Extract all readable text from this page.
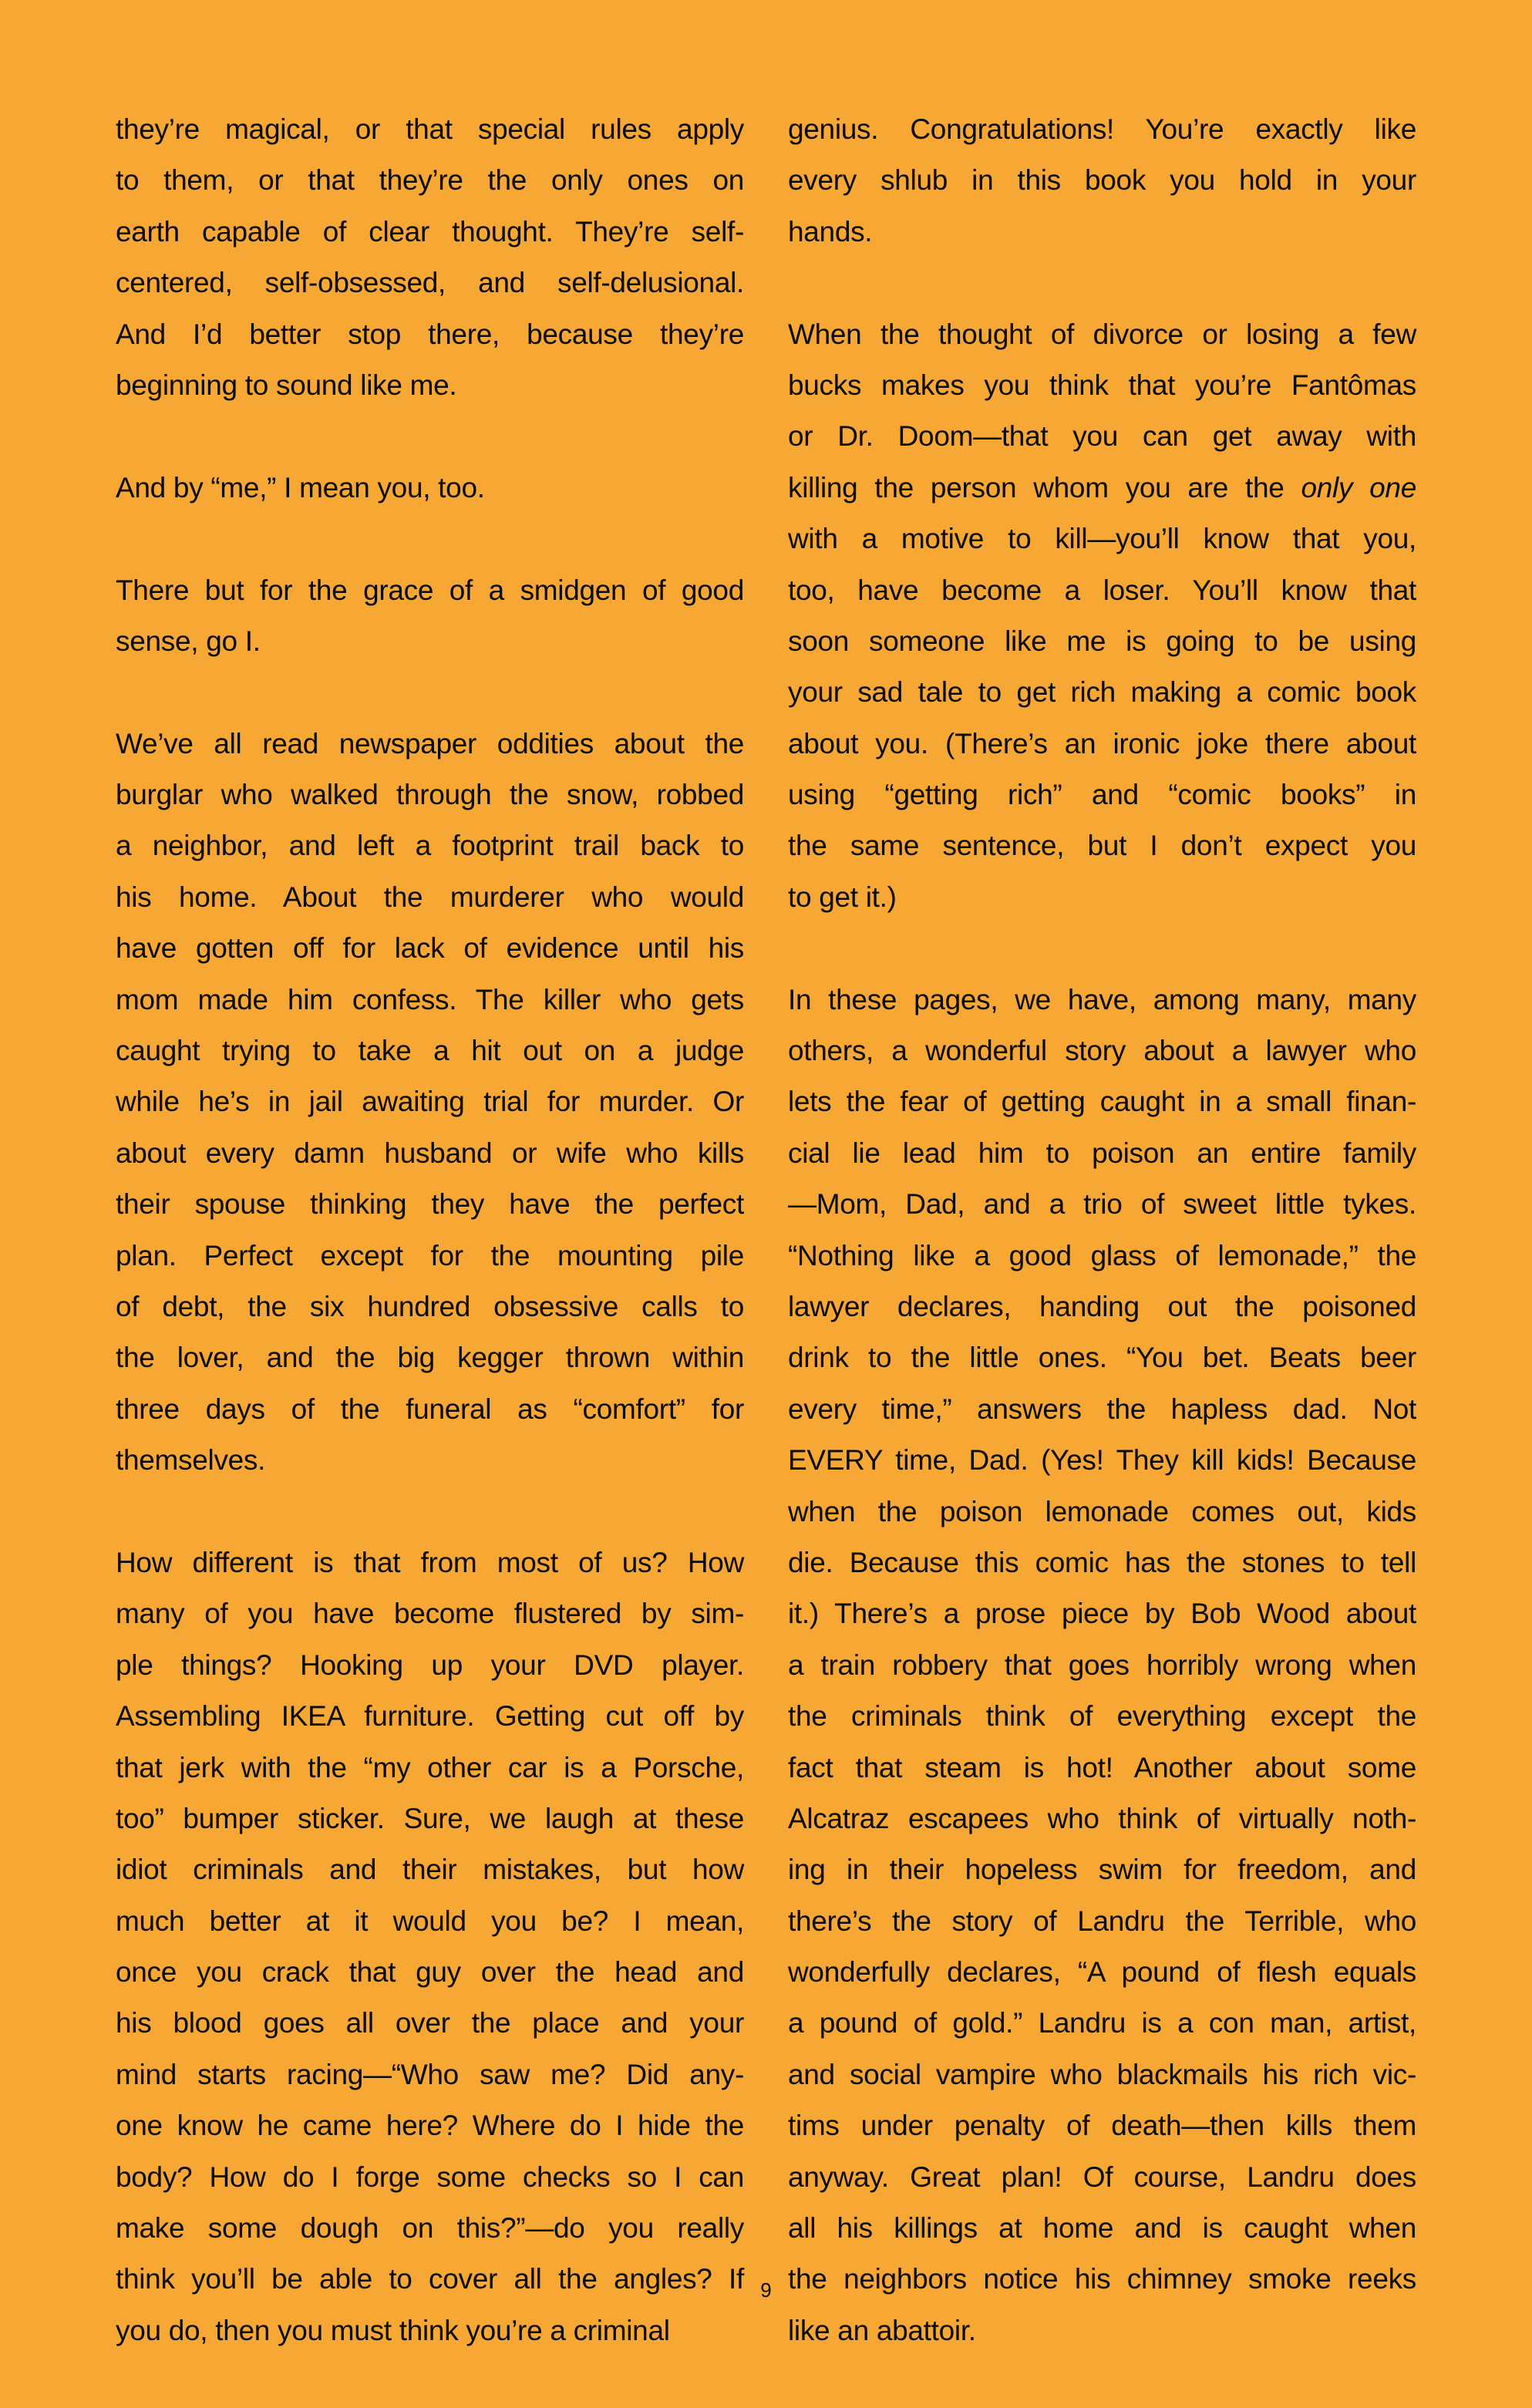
they’re magical, or that special rules apply
to them, or that they’re the only ones on
earth capable of clear thought. They’re self-
centered, self-obsessed, and self-delusional.
And I’d better stop there, because they’re
beginning to sound like me.
And by “me,” I mean you, too.
There but for the grace of a smidgen of good
sense, go I.
We’ve all read newspaper oddities about the
burglar who walked through the snow, robbed
a neighbor, and left a footprint trail back to
his home. About the murderer who would
have gotten off for lack of evidence until his
mom made him confess. The killer who gets
caught trying to take a hit out on a judge
while he’s in jail awaiting trial for murder. Or
about every damn husband or wife who kills
their spouse thinking they have the perfect
plan. Perfect except for the mounting pile
of debt, the six hundred obsessive calls to
the lover, and the big kegger thrown within
three days of the funeral as “comfort” for
themselves.
How different is that from most of us? How
many of you have become flustered by sim-
ple things? Hooking up your DVD player.
Assembling IKEA furniture. Getting cut off by
that jerk with the “my other car is a Porsche,
too” bumper sticker. Sure, we laugh at these
idiot criminals and their mistakes, but how
much better at it would you be? I mean,
once you crack that guy over the head and
his blood goes all over the place and your
mind starts racing—“Who saw me? Did any-
one know he came here? Where do I hide the
body? How do I forge some checks so I can
make some dough on this?”—do you really
think you’ll be able to cover all the angles? If
you do, then you must think you’re a criminal
genius. Congratulations! You’re exactly like
every shlub in this book you hold in your
hands.
When the thought of divorce or losing a few
bucks makes you think that you’re Fantômas
or Dr. Doom—that you can get away with
killing the person whom you are the only one
with a motive to kill—you’ll know that you,
too, have become a loser. You’ll know that
soon someone like me is going to be using
your sad tale to get rich making a comic book
about you. (There’s an ironic joke there about
using “getting rich” and “comic books” in
the same sentence, but I don’t expect you
to get it.)
In these pages, we have, among many, many
others, a wonderful story about a lawyer who
lets the fear of getting caught in a small finan-
cial lie lead him to poison an entire family
—Mom, Dad, and a trio of sweet little tykes.
“Nothing like a good glass of lemonade,” the
lawyer declares, handing out the poisoned
drink to the little ones. “You bet. Beats beer
every time,” answers the hapless dad. Not
EVERY time, Dad. (Yes! They kill kids! Because
when the poison lemonade comes out, kids
die. Because this comic has the stones to tell
it.) There’s a prose piece by Bob Wood about
a train robbery that goes horribly wrong when
the criminals think of everything except the
fact that steam is hot! Another about some
Alcatraz escapees who think of virtually noth-
ing in their hopeless swim for freedom, and
there’s the story of Landru the Terrible, who
wonderfully declares, “A pound of flesh equals
a pound of gold.” Landru is a con man, artist,
and social vampire who blackmails his rich vic-
tims under penalty of death—then kills them
anyway. Great plan! Of course, Landru does
all his killings at home and is caught when
the neighbors notice his chimney smoke reeks
like an abattoir.
9
